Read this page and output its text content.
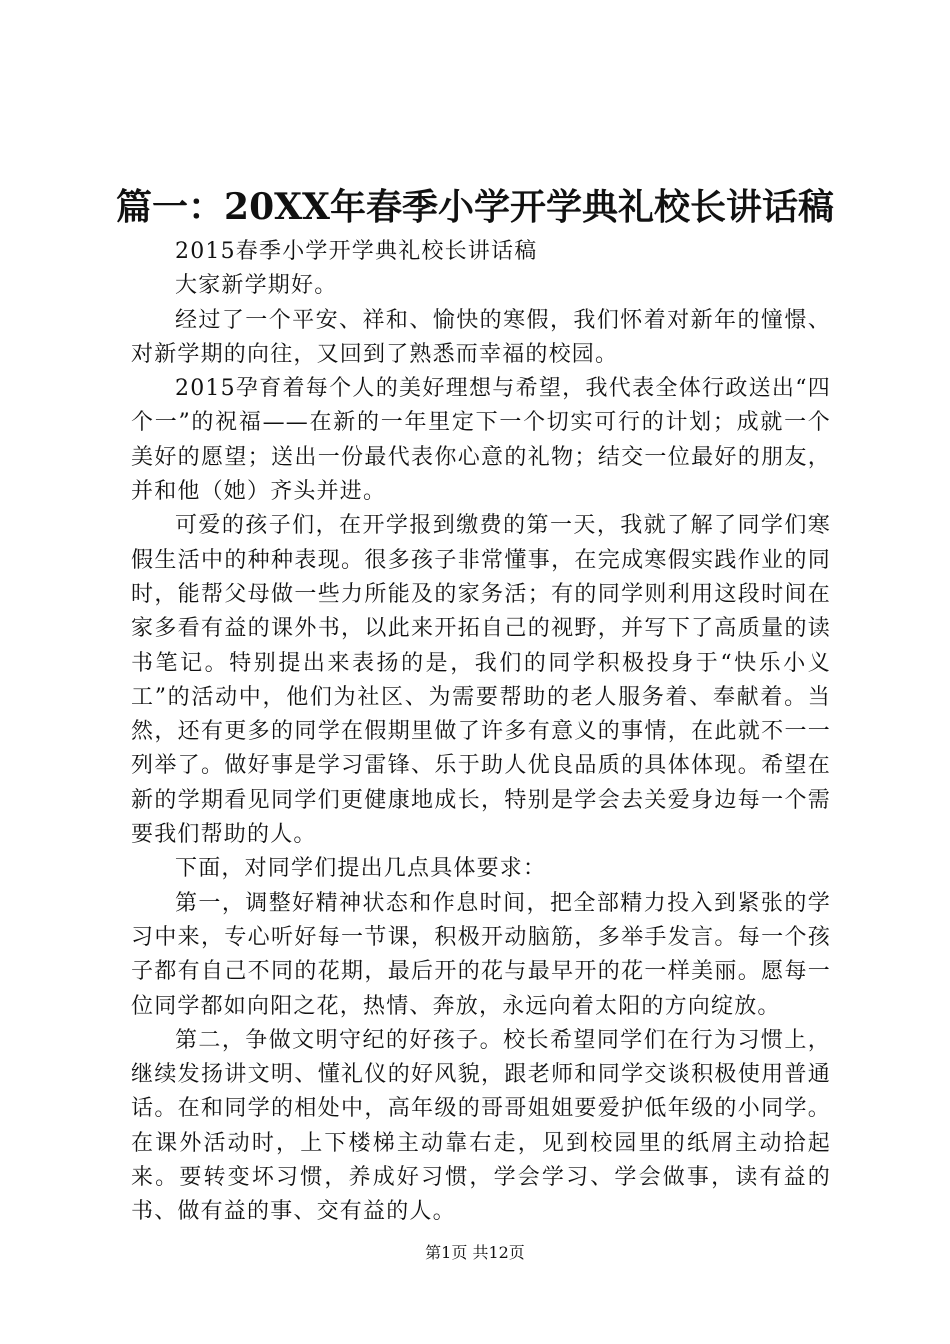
篇一：20XX年春季小学开学典礼校长讲话稿

2015春季小学开学典礼校长讲话稿

大家新学期好。

经过了一个平安、祥和、愉快的寒假，我们怀着对新年的憧憬、对新学期的向往，又回到了熟悉而幸福的校园。

2015孕育着每个人的美好理想与希望，我代表全体行政送出“四个一”的祝福——在新的一年里定下一个切实可行的计划；成就一个美好的愿望；送出一份最代表你心意的礼物；结交一位最好的朋友，并和他（她）齐头并进。

可爱的孩子们，在开学报到缴费的第一天，我就了解了同学们寒假生活中的种种表现。很多孩子非常懂事，在完成寒假实践作业的同时，能帮父母做一些力所能及的家务活；有的同学则利用这段时间在家多看有益的课外书，以此来开拓自己的视野，并写下了高质量的读书笔记。特别提出来表扬的是，我们的同学积极投身于“快乐小义工”的活动中，他们为社区、为需要帮助的老人服务着、奉献着。当然，还有更多的同学在假期里做了许多有意义的事情，在此就不一一列举了。做好事是学习雷锋、乐于助人优良品质的具体体现。希望在新的学期看见同学们更健康地成长，特别是学会去关爱身边每一个需要我们帮助的人。

下面，对同学们提出几点具体要求：

第一，调整好精神状态和作息时间，把全部精力投入到紧张的学习中来，专心听好每一节课，积极开动脑筋，多举手发言。每一个孩子都有自己不同的花期，最后开的花与最早开的花一样美丽。愿每一位同学都如向阳之花，热情、奔放，永远向着太阳的方向绽放。

第二，争做文明守纪的好孩子。校长希望同学们在行为习惯上，继续发扬讲文明、懂礼仪的好风貌，跟老师和同学交谈积极使用普通话。在和同学的相处中，高年级的哥哥姐姐要爱护低年级的小同学。在课外活动时，上下楼梯主动靠右走，见到校园里的纸屑主动拾起来。要转变坏习惯，养成好习惯，学会学习、学会做事，读有益的书、做有益的事、交有益的人。

第1页 共12页
